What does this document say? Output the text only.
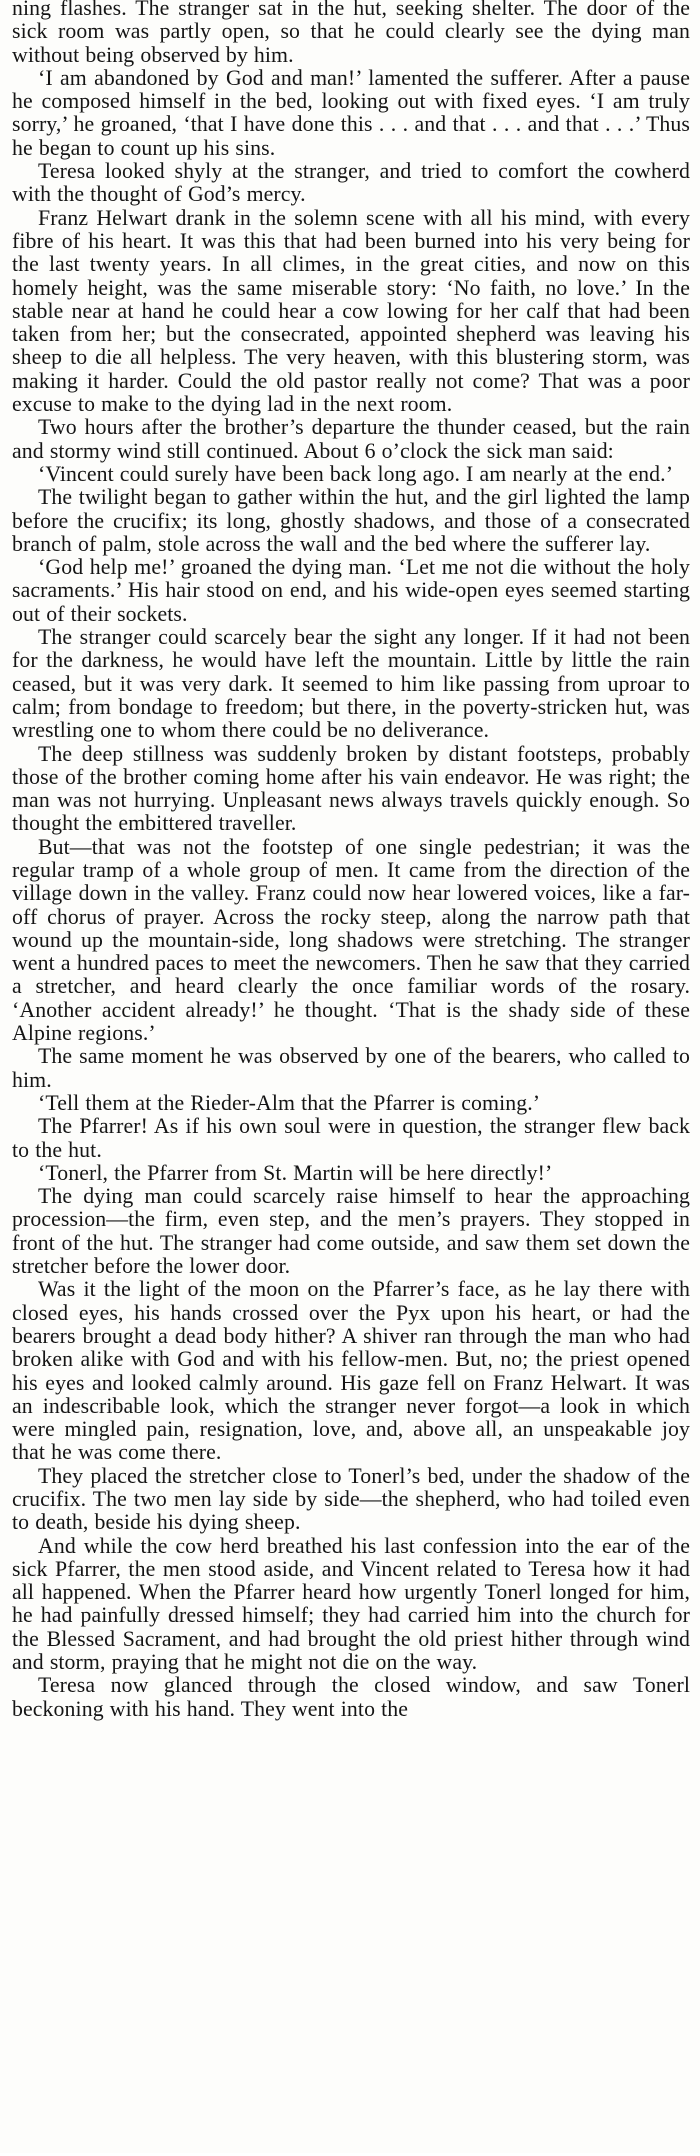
ning flashes. The stranger sat in the hut, seeking shelter. The door of the sick room was partly open, so that he could clearly see the dying man without being observed by him.

‘I am abandoned by God and man!’ lamented the sufferer. After a pause he composed himself in the bed, looking out with fixed eyes. ‘I am truly sorry,’ he groaned, ‘that I have done this . . . and that . . . and that . . .’ Thus he began to count up his sins.

Teresa looked shyly at the stranger, and tried to comfort the cowherd with the thought of God’s mercy.

Franz Helwart drank in the solemn scene with all his mind, with every fibre of his heart. It was this that had been burned into his very being for the last twenty years. In all climes, in the great cities, and now on this homely height, was the same miserable story: ‘No faith, no love.’ In the stable near at hand he could hear a cow lowing for her calf that had been taken from her; but the consecrated, appointed shepherd was leaving his sheep to die all helpless. The very heaven, with this blustering storm, was making it harder. Could the old pastor really not come? That was a poor excuse to make to the dying lad in the next room.

Two hours after the brother’s departure the thunder ceased, but the rain and stormy wind still continued. About 6 o’clock the sick man said:

‘Vincent could surely have been back long ago. I am nearly at the end.’

The twilight began to gather within the hut, and the girl lighted the lamp before the crucifix; its long, ghostly shadows, and those of a consecrated branch of palm, stole across the wall and the bed where the sufferer lay.

‘God help me!’ groaned the dying man. ‘Let me not die without the holy sacraments.’ His hair stood on end, and his wide-open eyes seemed starting out of their sockets.

The stranger could scarcely bear the sight any longer. If it had not been for the darkness, he would have left the mountain. Little by little the rain ceased, but it was very dark. It seemed to him like passing from uproar to calm; from bondage to freedom; but there, in the poverty-stricken hut, was wrestling one to whom there could be no deliverance.

The deep stillness was suddenly broken by distant footsteps, probably those of the brother coming home after his vain endeavor. He was right; the man was not hurrying. Unpleasant news always travels quickly enough. So thought the embittered traveller.

But—that was not the footstep of one single pedestrian; it was the regular tramp of a whole group of men. It came from the direction of the village down in the valley. Franz could now hear lowered voices, like a far-off chorus of prayer. Across the rocky steep, along the narrow path that wound up the mountain-side, long shadows were stretching. The stranger went a hundred paces to meet the newcomers. Then he saw that they carried a stretcher, and heard clearly the once familiar words of the rosary. ‘Another accident already!’ he thought. ‘That is the shady side of these Alpine regions.’

The same moment he was observed by one of the bearers, who called to him.

‘Tell them at the Rieder-Alm that the Pfarrer is coming.’

The Pfarrer! As if his own soul were in question, the stranger flew back to the hut.

‘Tonerl, the Pfarrer from St. Martin will be here directly!’

The dying man could scarcely raise himself to hear the approaching procession—the firm, even step, and the men’s prayers. They stopped in front of the hut. The stranger had come outside, and saw them set down the stretcher before the lower door.

Was it the light of the moon on the Pfarrer’s face, as he lay there with closed eyes, his hands crossed over the Pyx upon his heart, or had the bearers brought a dead body hither? A shiver ran through the man who had broken alike with God and with his fellow-men. But, no; the priest opened his eyes and looked calmly around. His gaze fell on Franz Helwart. It was an indescribable look, which the stranger never forgot—a look in which were mingled pain, resignation, love, and, above all, an unspeakable joy that he was come there.

They placed the stretcher close to Tonerl’s bed, under the shadow of the crucifix. The two men lay side by side—the shepherd, who had toiled even to death, beside his dying sheep.

And while the cow herd breathed his last confession into the ear of the sick Pfarrer, the men stood aside, and Vincent related to Teresa how it had all happened. When the Pfarrer heard how urgently Tonerl longed for him, he had painfully dressed himself; they had carried him into the church for the Blessed Sacrament, and had brought the old priest hither through wind and storm, praying that he might not die on the way.

Teresa now glanced through the closed window, and saw Tonerl beckoning with his hand. They went into the
